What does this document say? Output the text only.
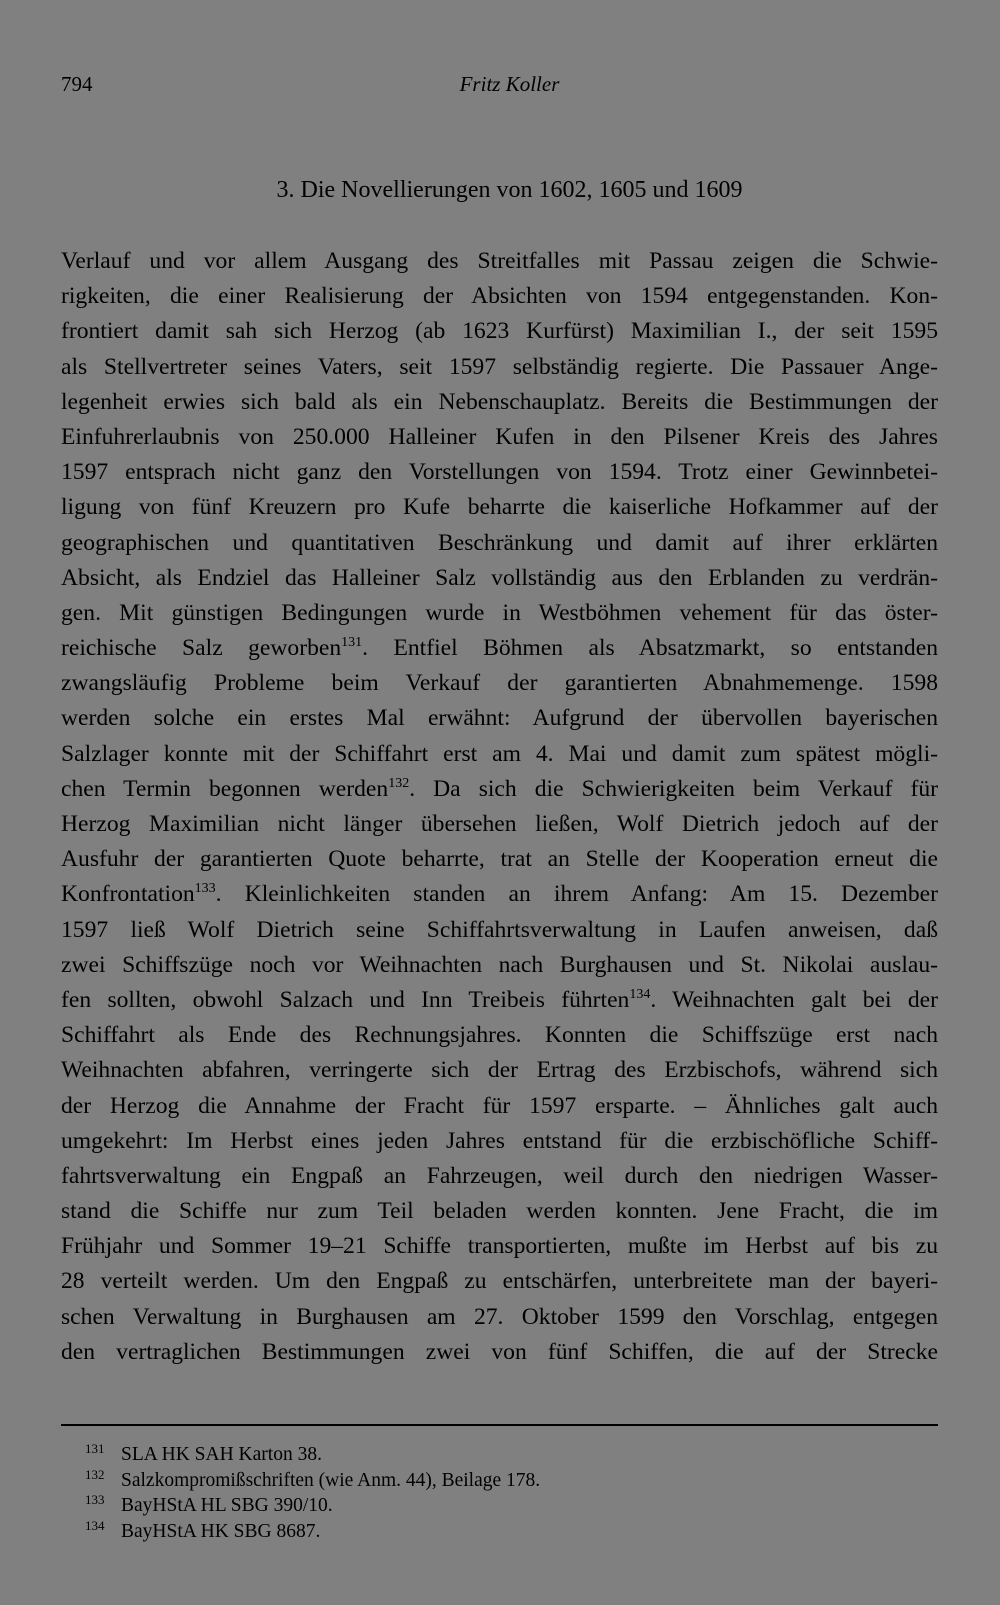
794	Fritz Koller
3. Die Novellierungen von 1602, 1605 und 1609
Verlauf und vor allem Ausgang des Streitfalles mit Passau zeigen die Schwie-
rigkeiten, die einer Realisierung der Absichten von 1594 entgegenstanden. Kon-
frontiert damit sah sich Herzog (ab 1623 Kurfürst) Maximilian I., der seit 1595
als Stellvertreter seines Vaters, seit 1597 selbständig regierte. Die Passauer Ange-
legenheit erwies sich bald als ein Nebenschauplatz. Bereits die Bestimmungen der
Einfuhrerlaubnis von 250.000 Halleiner Kufen in den Pilsener Kreis des Jahres
1597 entsprach nicht ganz den Vorstellungen von 1594. Trotz einer Gewinnbetei-
ligung von fünf Kreuzern pro Kufe beharrte die kaiserliche Hofkammer auf der
geographischen und quantitativen Beschränkung und damit auf ihrer erklärten
Absicht, als Endziel das Halleiner Salz vollständig aus den Erblanden zu verdrän-
gen. Mit günstigen Bedingungen wurde in Westböhmen vehement für das öster-
reichische Salz geworben$^{131}$. Entfiel Böhmen als Absatzmarkt, so entstanden
zwangsläufig Probleme beim Verkauf der garantierten Abnahmemenge. 1598
werden solche ein erstes Mal erwähnt: Aufgrund der übervollen bayerischen
Salzlager konnte mit der Schiffahrt erst am 4. Mai und damit zum spätest mögli-
chen Termin begonnen werden$^{132}$. Da sich die Schwierigkeiten beim Verkauf für
Herzog Maximilian nicht länger übersehen ließen, Wolf Dietrich jedoch auf der
Ausfuhr der garantierten Quote beharrte, trat an Stelle der Kooperation erneut die
Konfrontation$^{133}$. Kleinlichkeiten standen an ihrem Anfang: Am 15. Dezember
1597 ließ Wolf Dietrich seine Schiffahrtsverwaltung in Laufen anweisen, daß
zwei Schiffszüge noch vor Weihnachten nach Burghausen und St. Nikolai auslau-
fen sollten, obwohl Salzach und Inn Treibeis führten$^{134}$. Weihnachten galt bei der
Schiffahrt als Ende des Rechnungsjahres. Konnten die Schiffszüge erst nach
Weihnachten abfahren, verringerte sich der Ertrag des Erzbischofs, während sich
der Herzog die Annahme der Fracht für 1597 ersparte. – Ähnliches galt auch
umgekehrt: Im Herbst eines jeden Jahres entstand für die erzbischöfliche Schiff-
fahrtsverwaltung ein Engpaß an Fahrzeugen, weil durch den niedrigen Wasser-
stand die Schiffe nur zum Teil beladen werden konnten. Jene Fracht, die im
Frühjahr und Sommer 19–21 Schiffe transportierten, mußte im Herbst auf bis zu
28 verteilt werden. Um den Engpaß zu entschärfen, unterbreitete man der bayeri-
schen Verwaltung in Burghausen am 27. Oktober 1599 den Vorschlag, entgegen
den vertraglichen Bestimmungen zwei von fünf Schiffen, die auf der Strecke
131 SLA HK SAH Karton 38.
132 Salzkompromißschriften (wie Anm. 44), Beilage 178.
133 BayHStA HL SBG 390/10.
134 BayHStA HK SBG 8687.
